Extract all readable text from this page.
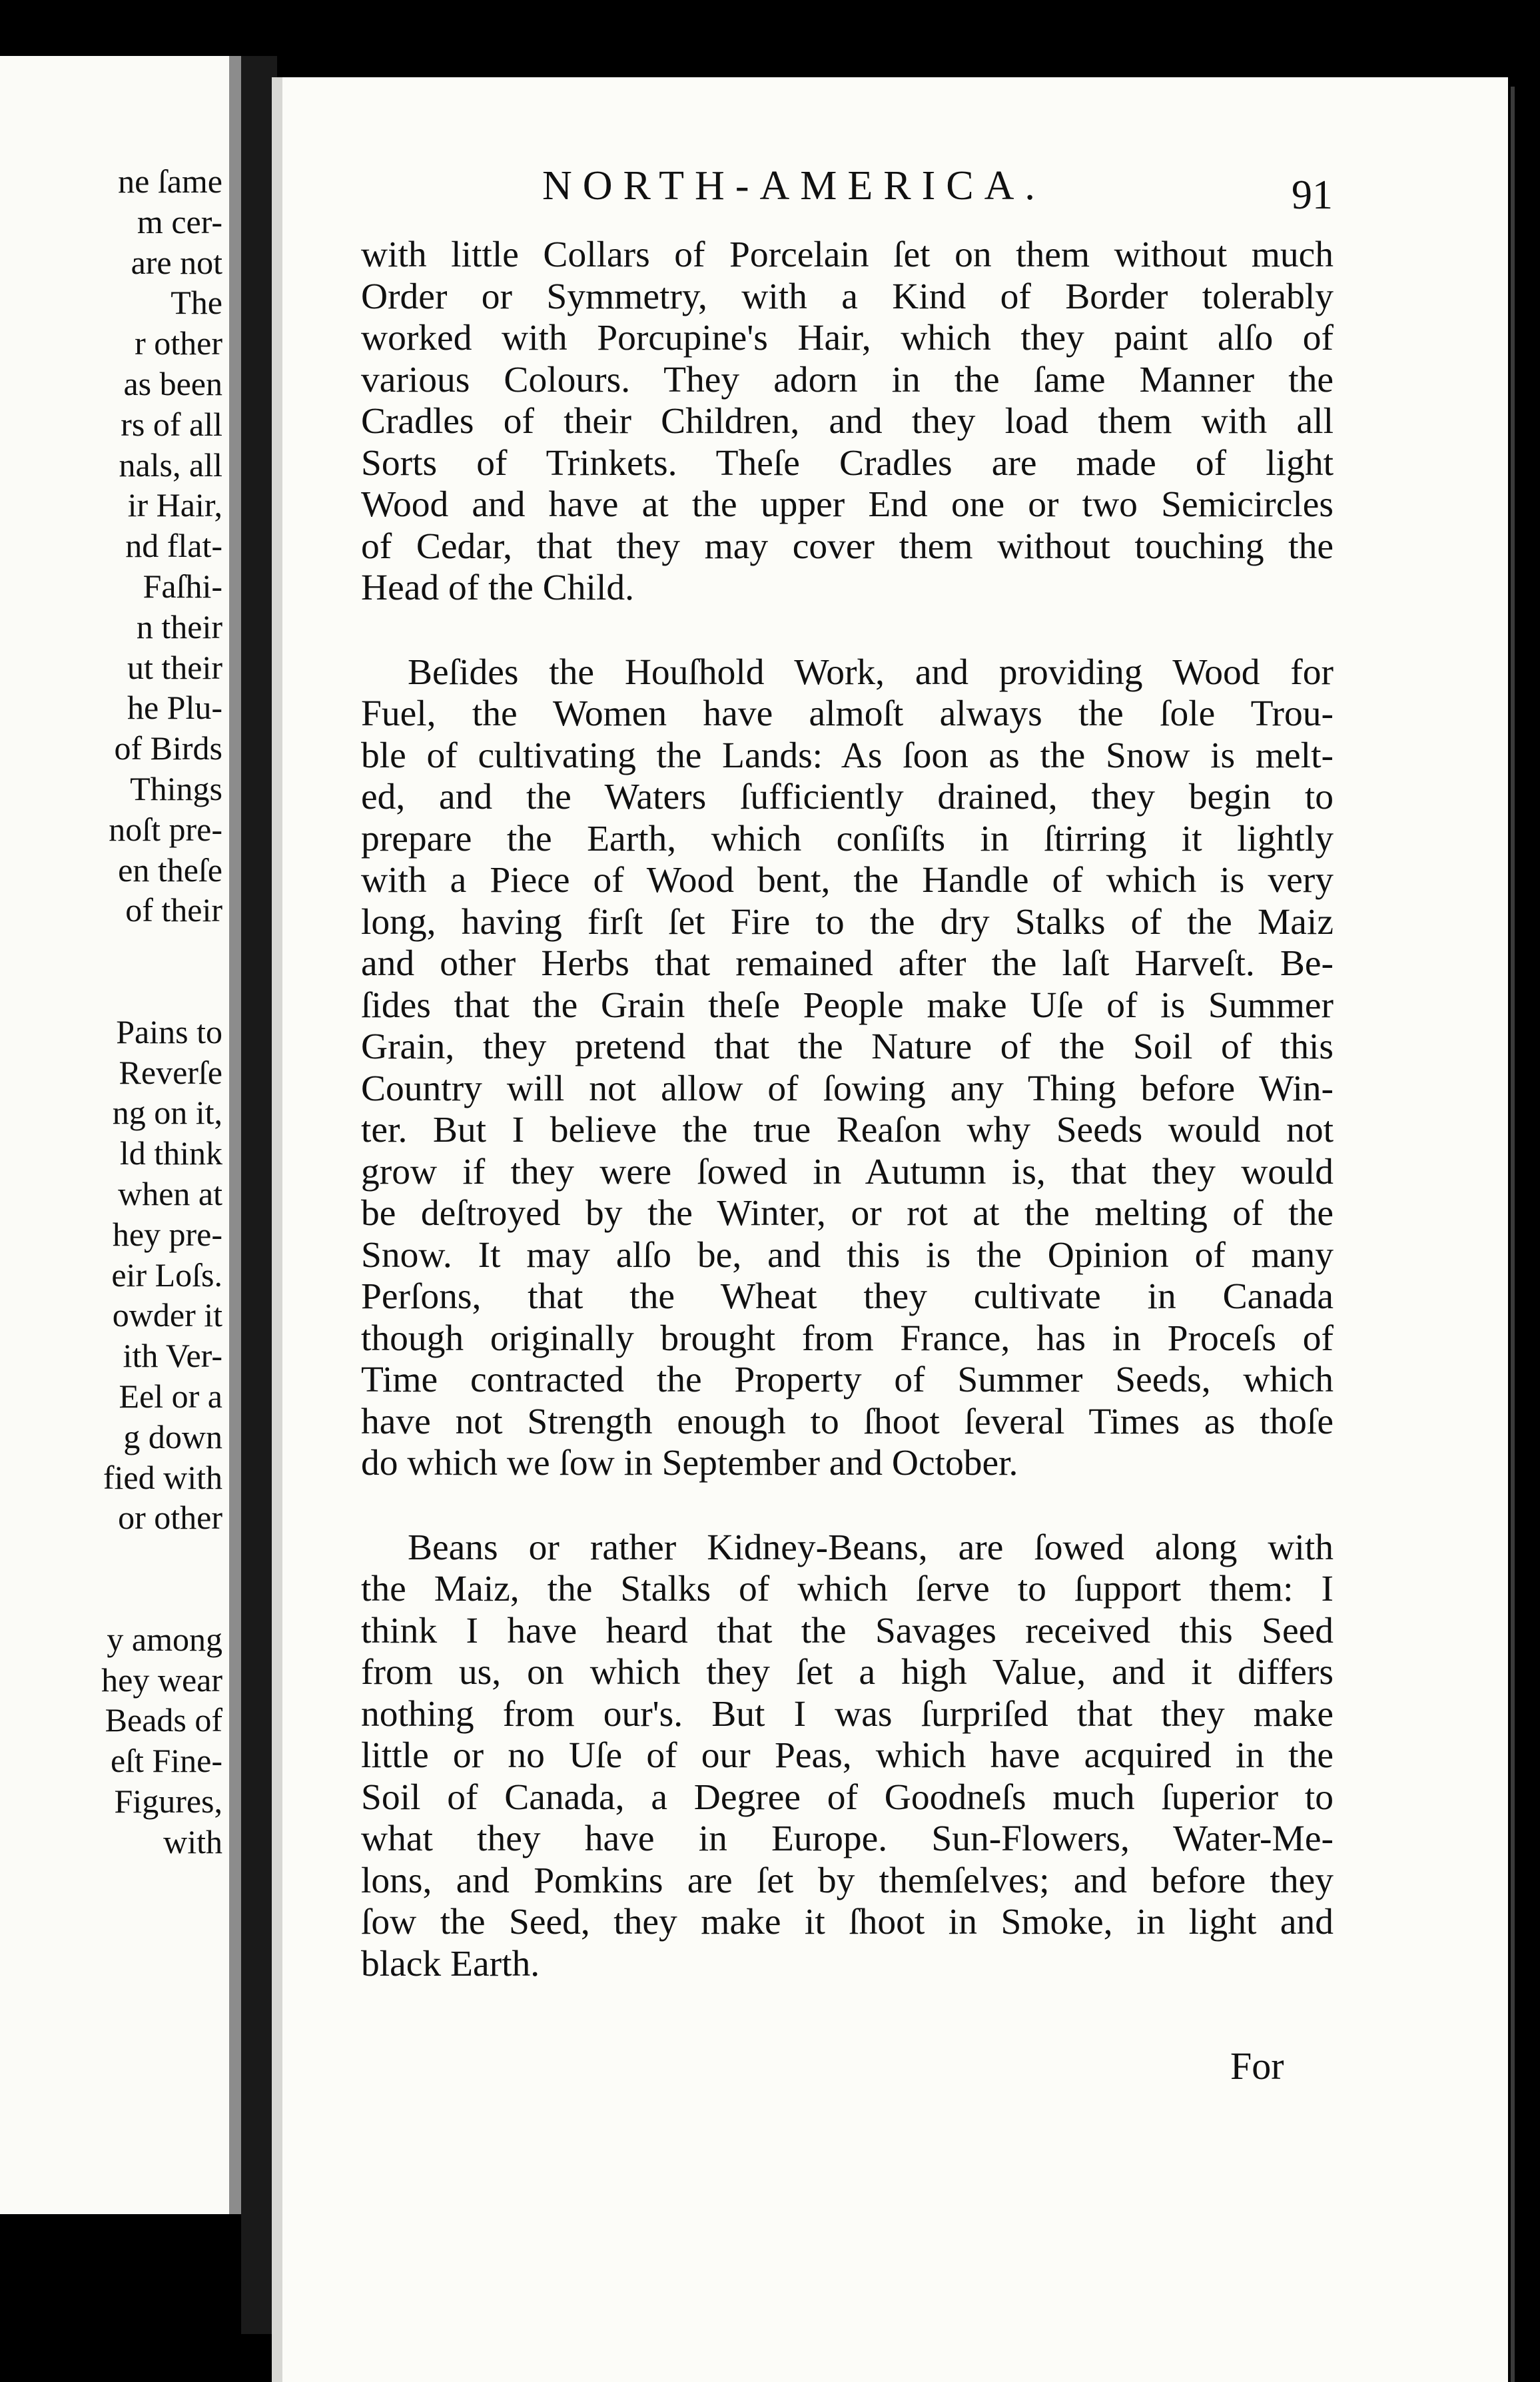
ne ſame
m cer-
are not
The
r other
as been
rs of all
nals, all
ir Hair,
nd flat-
Faſhi-
n their
ut their
he Plu-
of Birds
Things
noſt pre-
en theſe
of their
Pains to
Reverſe
ng on it,
ld think
when at
hey pre-
eir Loſs.
owder it
ith Ver-
Eel or a
g down
fied with
or other
y among
hey wear
Beads of
eſt Fine-
Figures,
with
NORTH-AMERICA.	91
with little Collars of Porcelain ſet on them without much
Order or Symmetry, with a Kind of Border tolerably
worked with Porcupine's Hair, which they paint alſo of
various Colours. They adorn in the ſame Manner the
Cradles of their Children, and they load them with all
Sorts of Trinkets. Theſe Cradles are made of light
Wood and have at the upper End one or two Semicircles
of Cedar, that they may cover them without touching the
Head of the Child.
Beſides the Houſhold Work, and providing Wood for
Fuel, the Women have almoſt always the ſole Trou-
ble of cultivating the Lands: As ſoon as the Snow is melt-
ed, and the Waters ſufficiently drained, they begin to
prepare the Earth, which conſiſts in ſtirring it lightly
with a Piece of Wood bent, the Handle of which is very
long, having firſt ſet Fire to the dry Stalks of the Maiz
and other Herbs that remained after the laſt Harveſt. Be-
ſides that the Grain theſe People make Uſe of is Summer
Grain, they pretend that the Nature of the Soil of this
Country will not allow of ſowing any Thing before Win-
ter. But I believe the true Reaſon why Seeds would not
grow if they were ſowed in Autumn is, that they would
be deſtroyed by the Winter, or rot at the melting of the
Snow. It may alſo be, and this is the Opinion of many
Perſons, that the Wheat they cultivate in Canada
though originally brought from France, has in Proceſs of
Time contracted the Property of Summer Seeds, which
have not Strength enough to ſhoot ſeveral Times as thoſe
do which we ſow in September and October.
Beans or rather Kidney-Beans, are ſowed along with
the Maiz, the Stalks of which ſerve to ſupport them: I
think I have heard that the Savages received this Seed
from us, on which they ſet a high Value, and it differs
nothing from our's. But I was ſurpriſed that they make
little or no Uſe of our Peas, which have acquired in the
Soil of Canada, a Degree of Goodneſs much ſuperior to
what they have in Europe. Sun-Flowers, Water-Me-
lons, and Pomkins are ſet by themſelves; and before they
ſow the Seed, they make it ſhoot in Smoke, in light and
black Earth.
For
